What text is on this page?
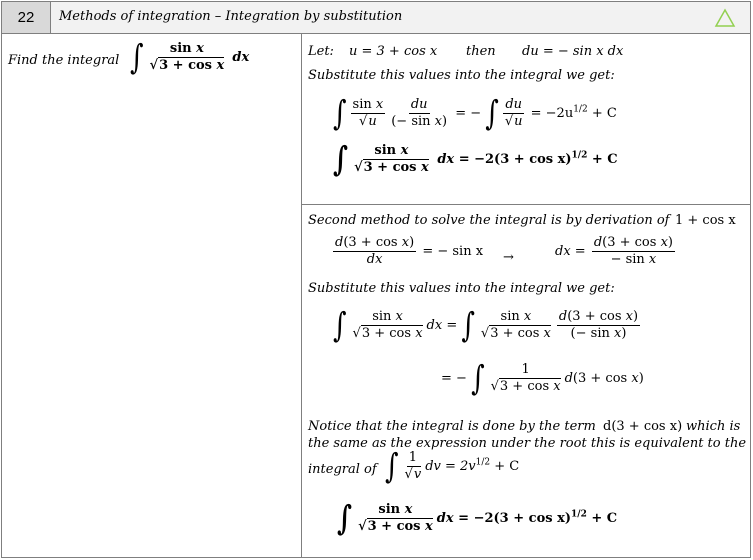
22	Methods of integration – Integration by substitution
Find the integral ∫ $\frac{\text{sin x}}{\text{√3 + cos x}}$ dx	Let: u = 3 + cos x then du = − sin x dx
Substitute this values into the integral we get:
∫ $\frac{\text{sin x}}{√u} \frac{du}{\text{(− sin x)}}$ = − ∫ $\frac{du}{√u} = -2u^{1/2} + C$
∫ $\frac{\text{sin x}}{\text{√3 + cos x}}$ dx = $-2(3 + \cos x)^{1/2} + C$
Second method to solve the integral is by derivation of 1 + cos x
$\frac{\text{d(3 + cos x)}}{dx}$ = − sin x →	dx = $\frac{\text{d(3 + cos x)}}{\text{− sin x}}$
Substitute this values into the integral we get:
∫ $\frac{\text{sin x}}{\text{√3 + cos x}}$ dx = ∫ $\frac{\text{sin x}}{\text{√3 + cos x}} \frac{\text{d(3 + cos x)}}{\text{(− sin x)}}$
= − ∫ $\frac{1}{\text{√3 + cos x}} d(3 + \cos x)$
Notice that the integral is done by the term d(3 + cos x) which is
the same as the expression under the root this is equivalent to the
integral of ∫ $\frac{1}{√v}$ dv = $2v^{1/2} + C$
∫ $\frac{\text{sin x}}{\text{√3 + cos x}}$ dx = $-2(3 + \cos x)^{1/2} + C$
